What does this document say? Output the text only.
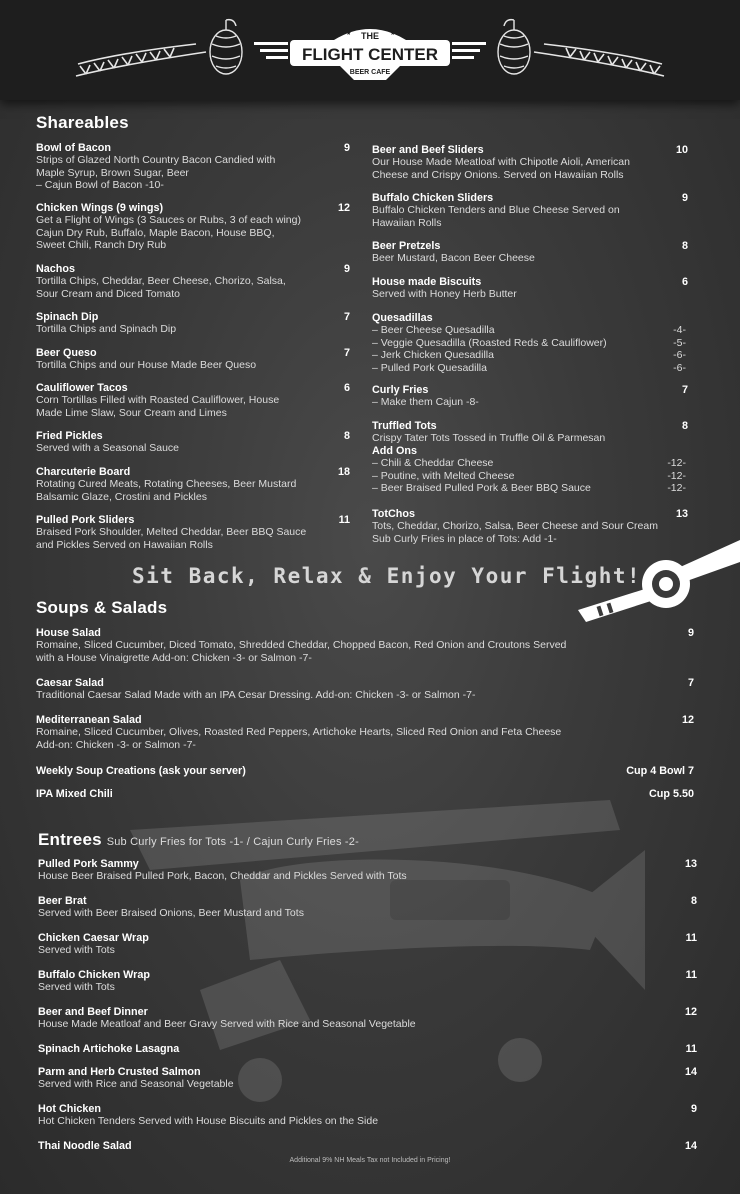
THE
FLIGHT CENTER
BEER CAFE
★	★
Shareables
Bowl of Bacon
Strips of Glazed North Country Bacon Candied with
Maple Syrup, Brown Sugar, Beer
– Cajun Bowl of Bacon -10-
9
Chicken Wings (9 wings)
Get a Flight of Wings (3 Sauces or Rubs, 3 of each wing)
Cajun Dry Rub, Buffalo, Maple Bacon, House BBQ,
Sweet Chili, Ranch Dry Rub
12
Nachos
Tortilla Chips, Cheddar, Beer Cheese, Chorizo, Salsa,
Sour Cream and Diced Tomato
9
Spinach Dip
Tortilla Chips and Spinach Dip
7
Beer Queso
Tortilla Chips and our House Made Beer Queso
7
Cauliflower Tacos
Corn Tortillas Filled with Roasted Cauliflower, House
Made Lime Slaw, Sour Cream and Limes
6
Fried Pickles
Served with a Seasonal Sauce
8
Charcuterie Board
Rotating Cured Meats, Rotating Cheeses, Beer Mustard
Balsamic Glaze, Crostini and Pickles
18
Pulled Pork Sliders
Braised Pork Shoulder, Melted Cheddar, Beer BBQ Sauce
and Pickles Served on Hawaiian Rolls
11
Beer and Beef Sliders
Our House Made Meatloaf with Chipotle Aioli, American
Cheese and Crispy Onions. Served on Hawaiian Rolls
10
Buffalo Chicken Sliders
Buffalo Chicken Tenders and Blue Cheese Served on
Hawaiian Rolls
9
Beer Pretzels
Beer Mustard, Bacon Beer Cheese
8
House made Biscuits
Served with Honey Herb Butter
6
Quesadillas
– Beer Cheese Quesadilla	-4-
– Veggie Quesadilla (Roasted Reds & Cauliflower)	-5-
– Jerk Chicken Quesadilla	-6-
– Pulled Pork Quesadilla	-6-
Curly Fries
– Make them Cajun -8-
7
Truffled Tots
Crispy Tater Tots Tossed in Truffle Oil & Parmesan
Add Ons
– Chili & Cheddar Cheese	-12-
– Poutine, with Melted Cheese	-12-
– Beer Braised Pulled Pork & Beer BBQ Sauce	-12-
8
TotChos
Tots, Cheddar, Chorizo, Salsa, Beer Cheese and Sour Cream
Sub Curly Fries in place of Tots: Add -1-
13
Sit Back, Relax & Enjoy Your Flight!
Soups & Salads
House Salad
Romaine, Sliced Cucumber, Diced Tomato, Shredded Cheddar, Chopped Bacon, Red Onion and Croutons Served
with a House Vinaigrette Add-on: Chicken -3- or Salmon -7-
9
Caesar Salad
Traditional Caesar Salad Made with an IPA Cesar Dressing. Add-on: Chicken -3- or Salmon -7-
7
Mediterranean Salad
Romaine, Sliced Cucumber, Olives, Roasted Red Peppers, Artichoke Hearts, Sliced Red Onion and Feta Cheese
Add-on: Chicken -3- or Salmon -7-
12
Weekly Soup Creations (ask your server)	Cup 4 Bowl 7
IPA Mixed Chili	Cup 5.50
Entrees Sub Curly Fries for Tots -1- / Cajun Curly Fries -2-
Pulled Pork Sammy
House Beer Braised Pulled Pork, Bacon, Cheddar and Pickles Served with Tots
13
Beer Brat
Served with Beer Braised Onions, Beer Mustard and Tots
8
Chicken Caesar Wrap
Served with Tots
11
Buffalo Chicken Wrap
Served with Tots
11
Beer and Beef Dinner
House Made Meatloaf and Beer Gravy Served with Rice and Seasonal Vegetable
12
Spinach Artichoke Lasagna	11
Parm and Herb Crusted Salmon
Served with Rice and Seasonal Vegetable
14
Hot Chicken
Hot Chicken Tenders Served with House Biscuits and Pickles on the Side
9
Thai Noodle Salad	14
Additional 9% NH Meals Tax not Included in Pricing!
